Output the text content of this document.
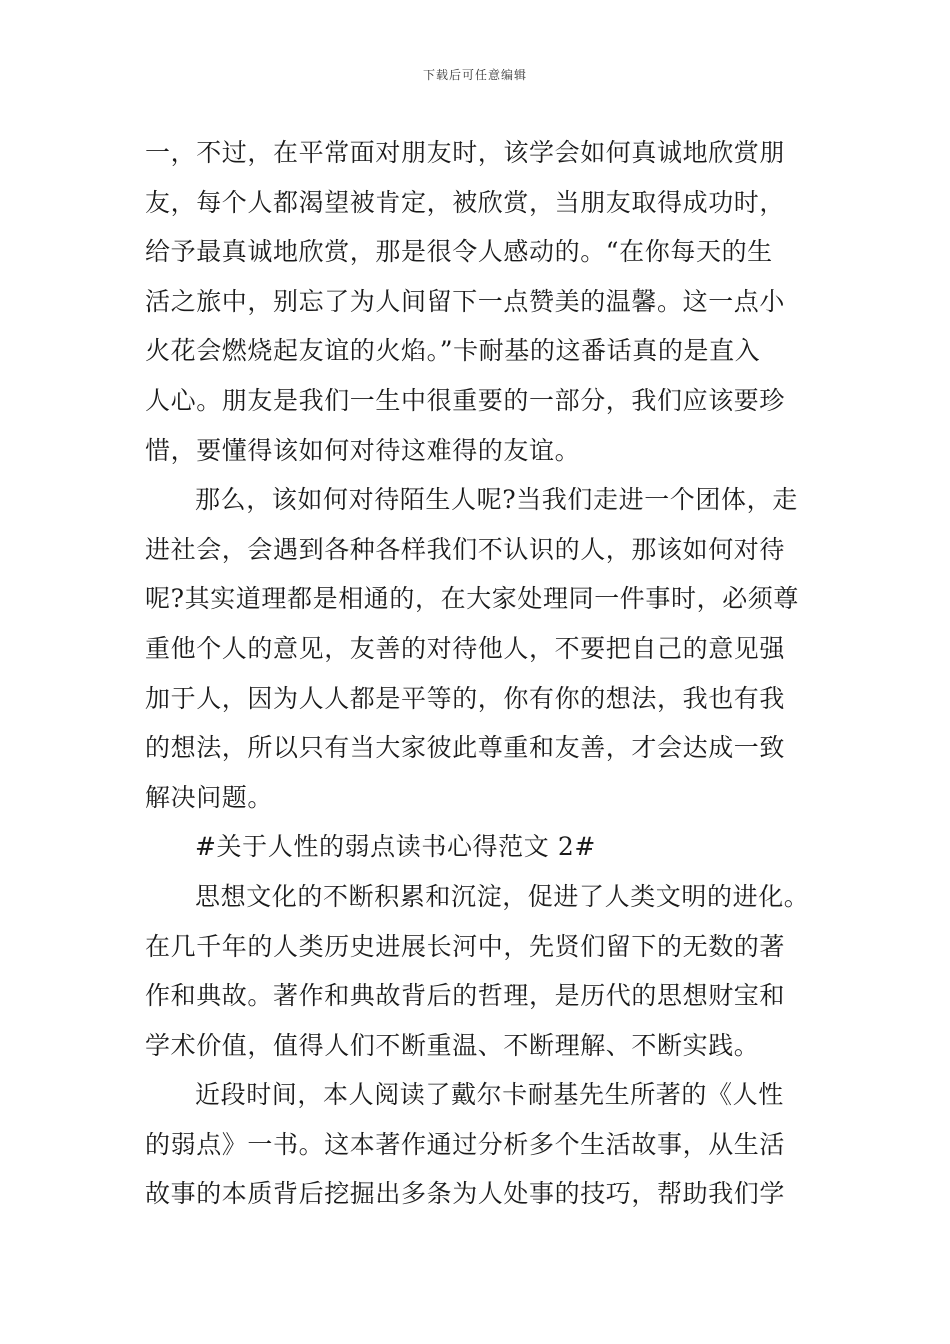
下载后可任意编辑
一，不过，在平常面对朋友时，该学会如何真诚地欣赏朋
友，每个人都渴望被肯定，被欣赏，当朋友取得成功时，
给予最真诚地欣赏，那是很令人感动的。“在你每天的生
活之旅中，别忘了为人间留下一点赞美的温馨。这一点小
火花会燃烧起友谊的火焰。”卡耐基的这番话真的是直入
人心。朋友是我们一生中很重要的一部分，我们应该要珍
惜，要懂得该如何对待这难得的友谊。
那么，该如何对待陌生人呢?当我们走进一个团体，走
进社会，会遇到各种各样我们不认识的人，那该如何对待
呢?其实道理都是相通的，在大家处理同一件事时，必须尊
重他个人的意见，友善的对待他人，不要把自己的意见强
加于人，因为人人都是平等的，你有你的想法，我也有我
的想法，所以只有当大家彼此尊重和友善，才会达成一致
解决问题。
#关于人性的弱点读书心得范文 2#
思想文化的不断积累和沉淀，促进了人类文明的进化。
在几千年的人类历史进展长河中，先贤们留下的无数的著
作和典故。著作和典故背后的哲理，是历代的思想财宝和
学术价值，值得人们不断重温、不断理解、不断实践。
近段时间，本人阅读了戴尔卡耐基先生所著的《人性
的弱点》一书。这本著作通过分析多个生活故事，从生活
故事的本质背后挖掘出多条为人处事的技巧，帮助我们学
